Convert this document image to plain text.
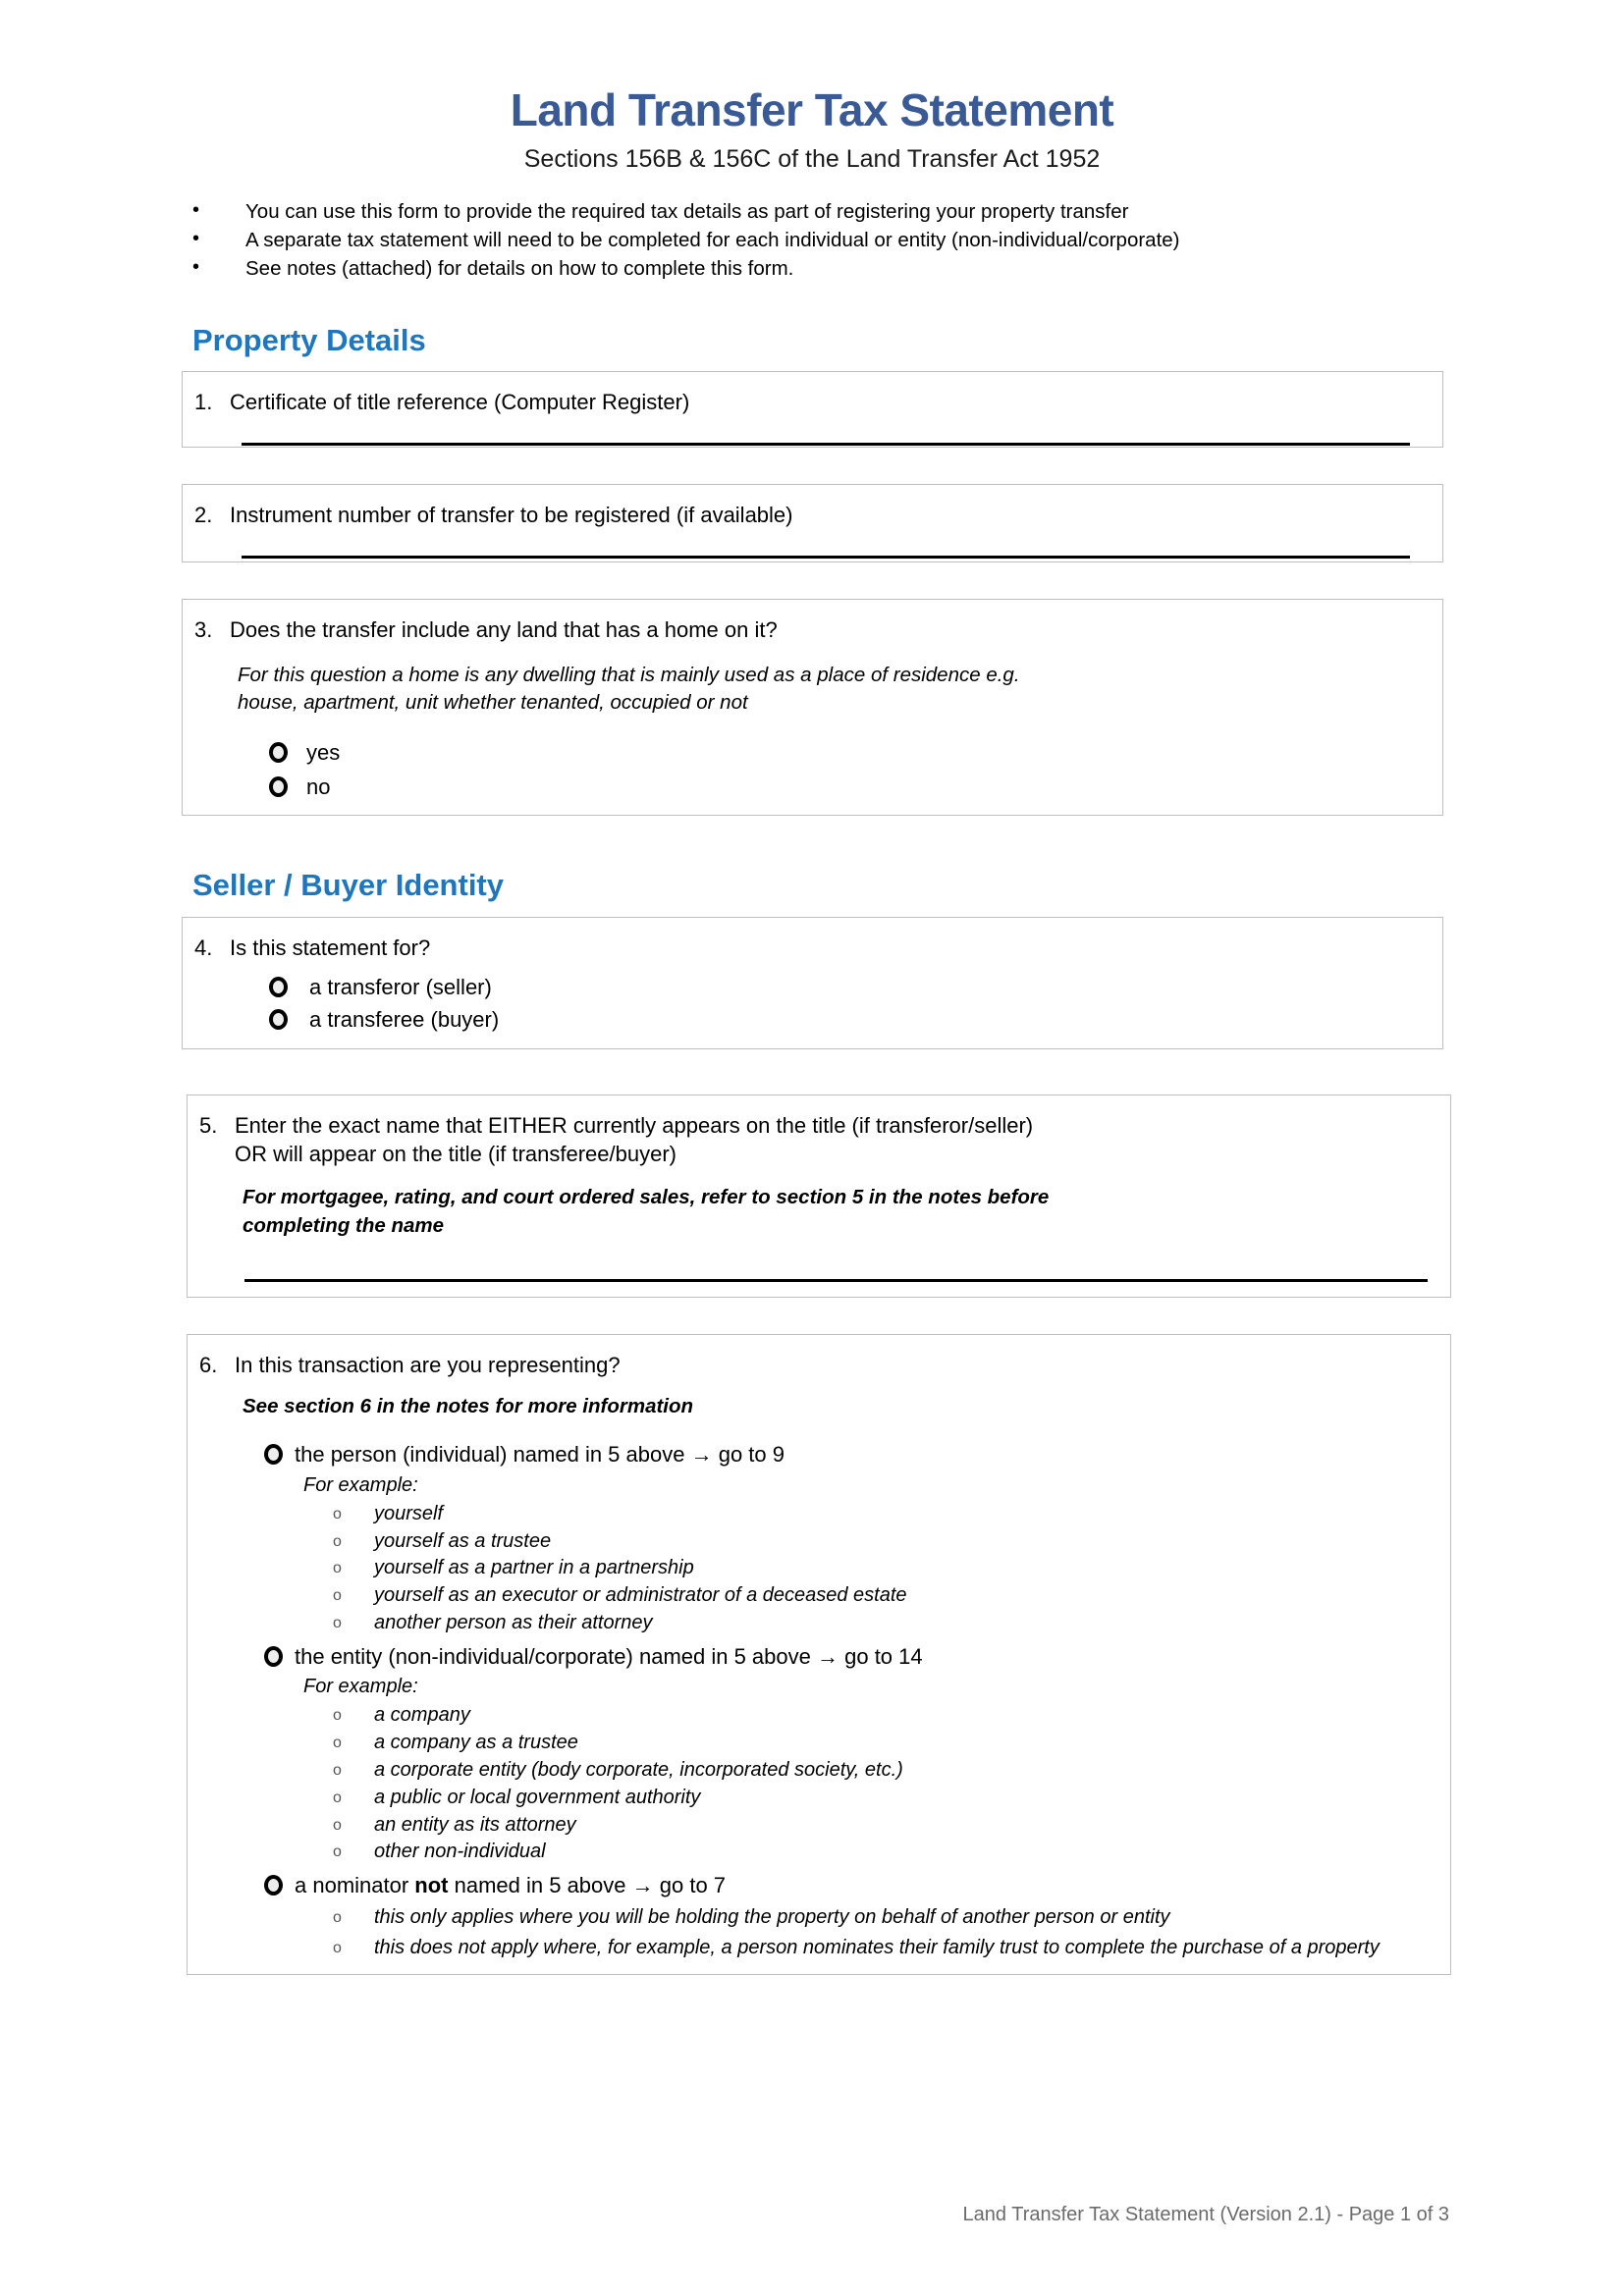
Land Transfer Tax Statement
Sections 156B & 156C of the Land Transfer Act 1952
• You can use this form to provide the required tax details as part of registering your property transfer
• A separate tax statement will need to be completed for each individual or entity (non-individual/corporate)
• See notes (attached) for details on how to complete this form.
Property Details
1. Certificate of title reference (Computer Register)
2. Instrument number of transfer to be registered (if available)
3. Does the transfer include any land that has a home on it?
For this question a home is any dwelling that is mainly used as a place of residence e.g.
house, apartment, unit whether tenanted, occupied or not
yes
no
Seller / Buyer Identity
4. Is this statement for?
a transferor (seller)
a transferee (buyer)
5. Enter the exact name that EITHER currently appears on the title (if transferor/seller)
OR will appear on the title (if transferee/buyer)
For mortgagee, rating, and court ordered sales, refer to section 5 in the notes before
completing the name
6. In this transaction are you representing?
See section 6 in the notes for more information
the person (individual) named in 5 above → go to 9
For example:
o yourself
o yourself as a trustee
o yourself as a partner in a partnership
o yourself as an executor or administrator of a deceased estate
o another person as their attorney
the entity (non-individual/corporate) named in 5 above → go to 14
For example:
o a company
o a company as a trustee
o a corporate entity (body corporate, incorporated society, etc.)
o a public or local government authority
o an entity as its attorney
o other non-individual
a nominator not named in 5 above → go to 7
o this only applies where you will be holding the property on behalf of another person or entity
o this does not apply where, for example, a person nominates their family trust to complete the purchase of a property
Land Transfer Tax Statement (Version 2.1) - Page 1 of 3
